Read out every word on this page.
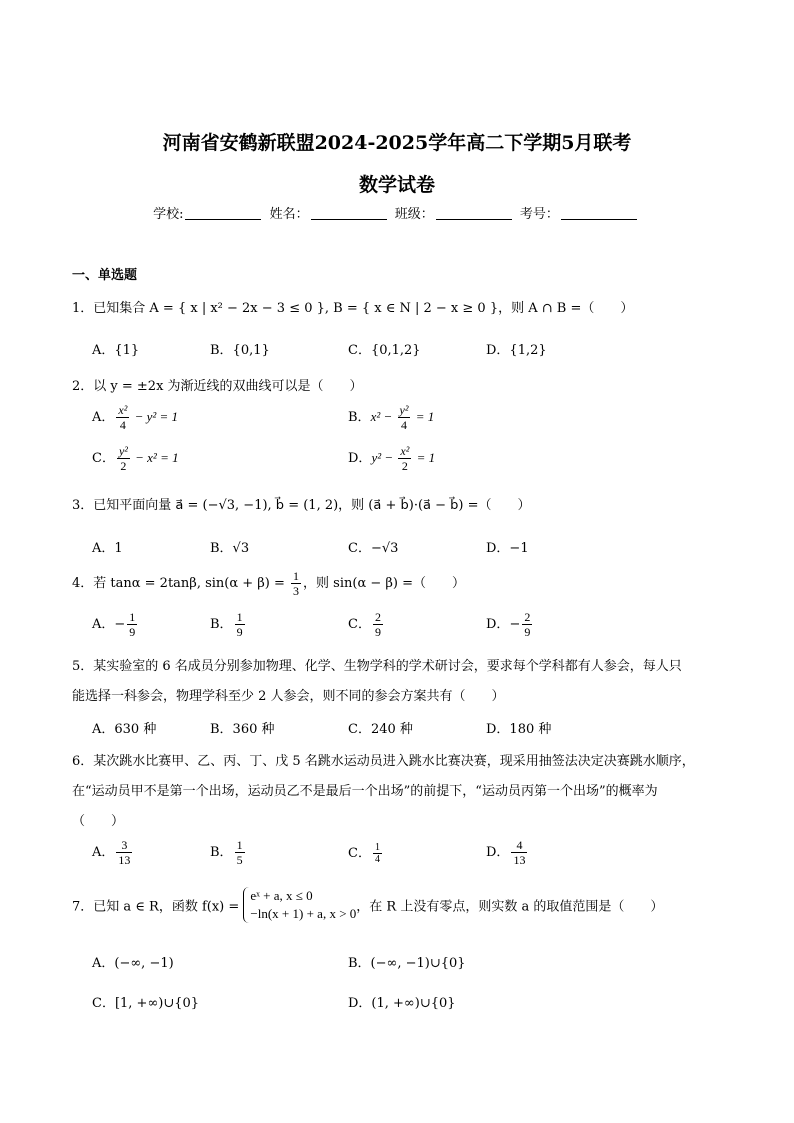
河南省安鹤新联盟2024-2025学年高二下学期5月联考
数学试卷
学校:	姓名：	班级：	考号：
一、单选题
1．已知集合 A = { x | x² − 2x − 3 ≤ 0 }, B = { x ∈ N | 2 − x ≥ 0 }，则 A ∩ B =（　　）
A．{1}	B．{0,1}	C．{0,1,2}	D．{1,2}
2．以 y = ±2x 为渐近线的双曲线可以是（　　）
A． $\frac{\text{x²}}{4} - y^2 = 1$	B．$x^2 - \frac{\text{y²}}{4} = 1$
C． $\frac{\text{y²}}{2} - x^2 = 1$	D．$y^2 - \frac{\text{x²}}{2} = 1$
3．已知平面向量 a⃗ = (−√3, −1), b⃗ = (1, 2)，则 (a⃗ + b⃗)·(a⃗ − b⃗) =（　　）
A．1	B．√3	C．−√3	D．−1
4．若 tanα = 2tanβ, $\sin(\alpha + \beta) = \frac{1}{3}$ ，则 sin(α − β) =（　　）
A．− $\frac{1}{9}$	B． $\frac{1}{9}$	C． $\frac{2}{9}$	D．− $\frac{2}{9}$
5．某实验室的 6 名成员分别参加物理、化学、生物学科的学术研讨会，要求每个学科都有人参会，每人只
能选择一科参会，物理学科至少 2 人参会，则不同的参会方案共有（　　）
A．630 种	B．360 种	C．240 种	D．180 种
6．某次跳水比赛甲、乙、丙、丁、戊 5 名跳水运动员进入跳水比赛决赛，现采用抽签法决定决赛跳水顺序，
在“运动员甲不是第一个出场，运动员乙不是最后一个出场”的前提下，“运动员丙第一个出场”的概率为
（　　）
A． $\frac{3}{13}$	B． $\frac{1}{5}$	C． $\frac{1}{4}$	D． $\frac{4}{13}$
7．已知 a ∈ R，函数 f(x) =
eˣ + a, x ≤ 0
−ln(x + 1) + a, x > 0 ，在 R 上没有零点，则实数 a 的取值范围是（　　）
A．(−∞, −1)	B．(−∞, −1)∪{0}
C．[1, +∞)∪{0}	D．(1, +∞)∪{0}
